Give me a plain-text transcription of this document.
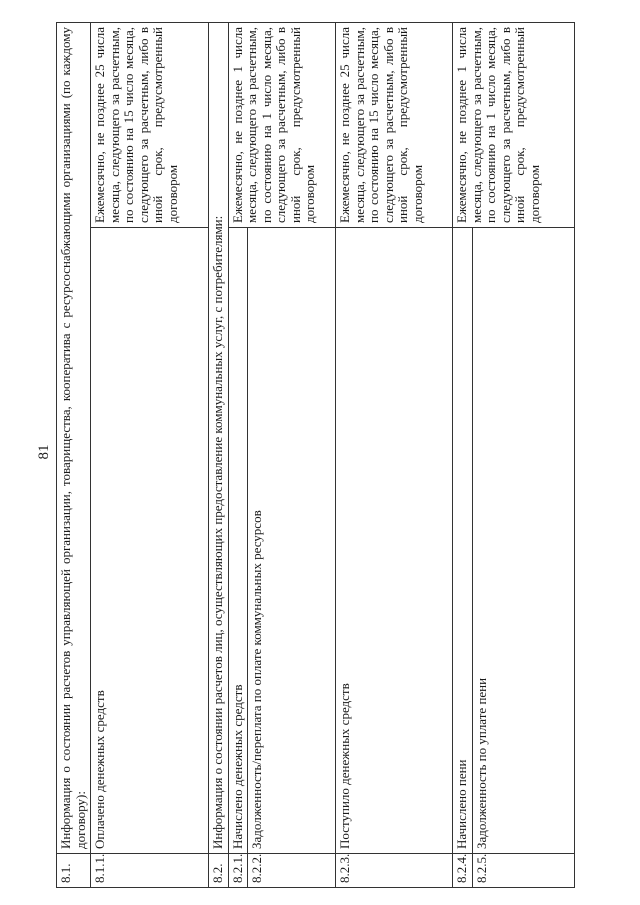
81
8.1.	Информация о состоянии расчетов управляющей организации, товарищества, кооператива с ресурсоснабжающими организациями (по каждому договору):	
8.1.1.	Оплачено денежных средств	Ежемесячно, не позднее 25 числа месяца, следующего за расчетным, по состоянию на 15 число месяца, следующего за расчетным, либо в иной срок, предусмотренный договором
8.2.	Информация о состоянии расчетов лиц, осуществляющих предоставление коммунальных услуг, с потребителями:	
8.2.1.	Начислено денежных средств	Ежемесячно, не позднее 1 числа месяца, следующего за расчетным, по состоянию на 1 число месяца, следующего за расчетным, либо в иной срок, предусмотренный договором
8.2.2.	Задолженность/переплата по оплате коммунальных ресурсов	
8.2.3.	Поступило денежных средств	Ежемесячно, не позднее 25 числа месяца, следующего за расчетным, по состоянию на 15 число месяца, следующего за расчетным, либо в иной срок, предусмотренный договором
8.2.4.	Начислено пени	Ежемесячно, не позднее 1 числа месяца, следующего за расчетным, по состоянию на 1 число месяца, следующего за расчетным, либо в иной срок, предусмотренный договором
8.2.5.	Задолженность по уплате пени	
